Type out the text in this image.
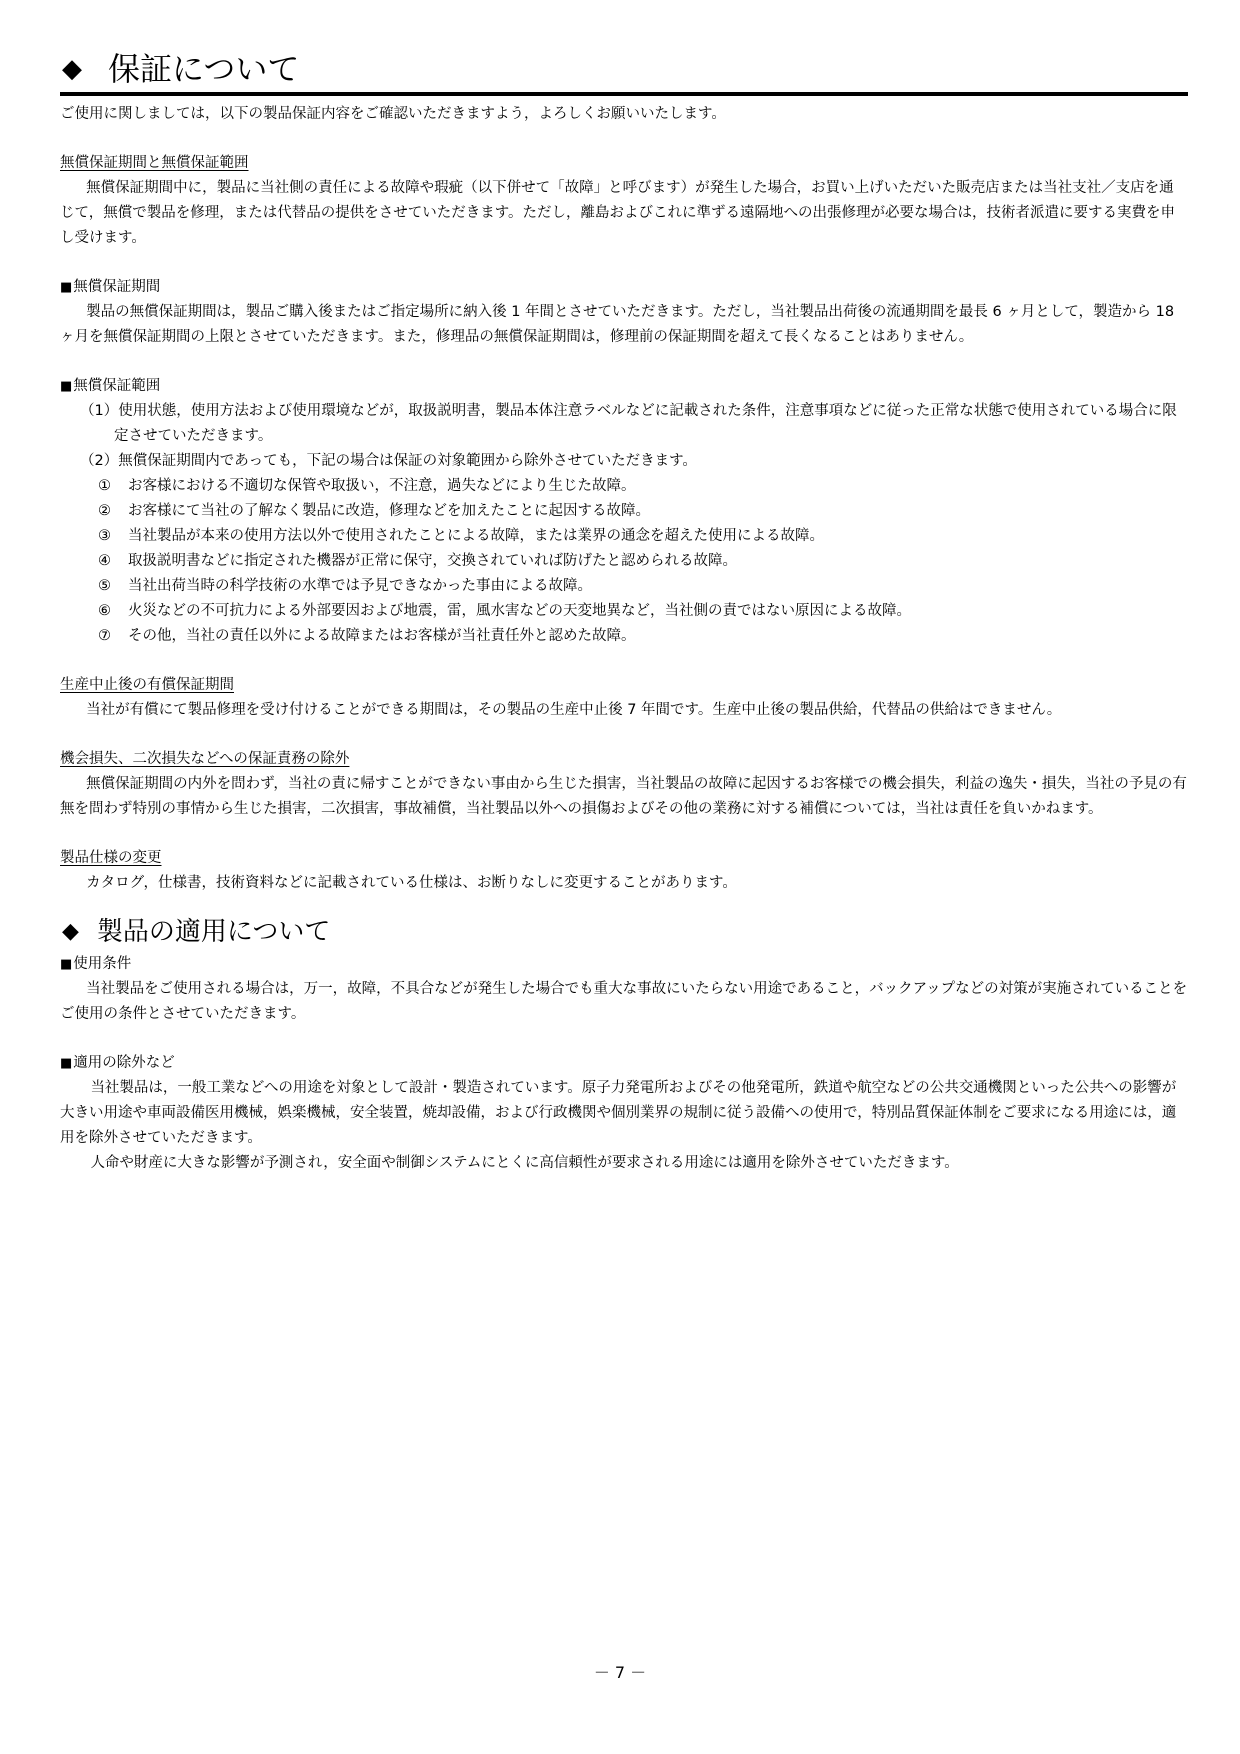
◆ 保証について
ご使用に関しましては，以下の製品保証内容をご確認いただきますよう，よろしくお願いいたします。
無償保証期間と無償保証範囲
無償保証期間中に，製品に当社側の責任による故障や瑕疵（以下併せて「故障」と呼びます）が発生した場合，お買い上げいただいた販売店または当社支社／支店を通じて，無償で製品を修理，または代替品の提供をさせていただきます。ただし，離島およびこれに準ずる遠隔地への出張修理が必要な場合は，技術者派遣に要する実費を申し受けます。
■ 無償保証期間
製品の無償保証期間は，製品ご購入後またはご指定場所に納入後 1 年間とさせていただきます。ただし，当社製品出荷後の流通期間を最長 6 ヶ月として，製造から 18 ヶ月を無償保証期間の上限とさせていただきます。また，修理品の無償保証期間は，修理前の保証期間を超えて長くなることはありません。
■ 無償保証範囲
（1）使用状態，使用方法および使用環境などが，取扱説明書，製品本体注意ラベルなどに記載された条件，注意事項などに従った正常な状態で使用されている場合に限定させていただきます。
（2）無償保証期間内であっても，下記の場合は保証の対象範囲から除外させていただきます。
① お客様における不適切な保管や取扱い，不注意，過失などにより生じた故障。
② お客様にて当社の了解なく製品に改造，修理などを加えたことに起因する故障。
③ 当社製品が本来の使用方法以外で使用されたことによる故障，または業界の通念を超えた使用による故障。
④ 取扱説明書などに指定された機器が正常に保守，交換されていれば防げたと認められる故障。
⑤ 当社出荷当時の科学技術の水準では予見できなかった事由による故障。
⑥ 火災などの不可抗力による外部要因および地震，雷，風水害などの天変地異など，当社側の責ではない原因による故障。
⑦ その他，当社の責任以外による故障またはお客様が当社責任外と認めた故障。
生産中止後の有償保証期間
当社が有償にて製品修理を受け付けることができる期間は，その製品の生産中止後 7 年間です。生産中止後の製品供給，代替品の供給はできません。
機会損失、二次損失などへの保証責務の除外
無償保証期間の内外を問わず，当社の責に帰すことができない事由から生じた損害，当社製品の故障に起因するお客様での機会損失，利益の逸失・損失，当社の予見の有無を問わず特別の事情から生じた損害，二次損害，事故補償，当社製品以外への損傷およびその他の業務に対する補償については，当社は責任を負いかねます。
製品仕様の変更
カタログ，仕様書，技術資料などに記載されている仕様は、お断りなしに変更することがあります。
◆ 製品の適用について
■ 使用条件
当社製品をご使用される場合は，万一，故障，不具合などが発生した場合でも重大な事故にいたらない用途であること，バックアップなどの対策が実施されていることをご使用の条件とさせていただきます。
■ 適用の除外など
当社製品は，一般工業などへの用途を対象として設計・製造されています。原子力発電所およびその他発電所，鉄道や航空などの公共交通機関といった公共への影響が大きい用途や車両設備医用機械，娯楽機械，安全装置，焼却設備，および行政機関や個別業界の規制に従う設備への使用で，特別品質保証体制をご要求になる用途には，適用を除外させていただきます。
人命や財産に大きな影響が予測され，安全面や制御システムにとくに高信頼性が要求される用途には適用を除外させていただきます。
－ 7 －
